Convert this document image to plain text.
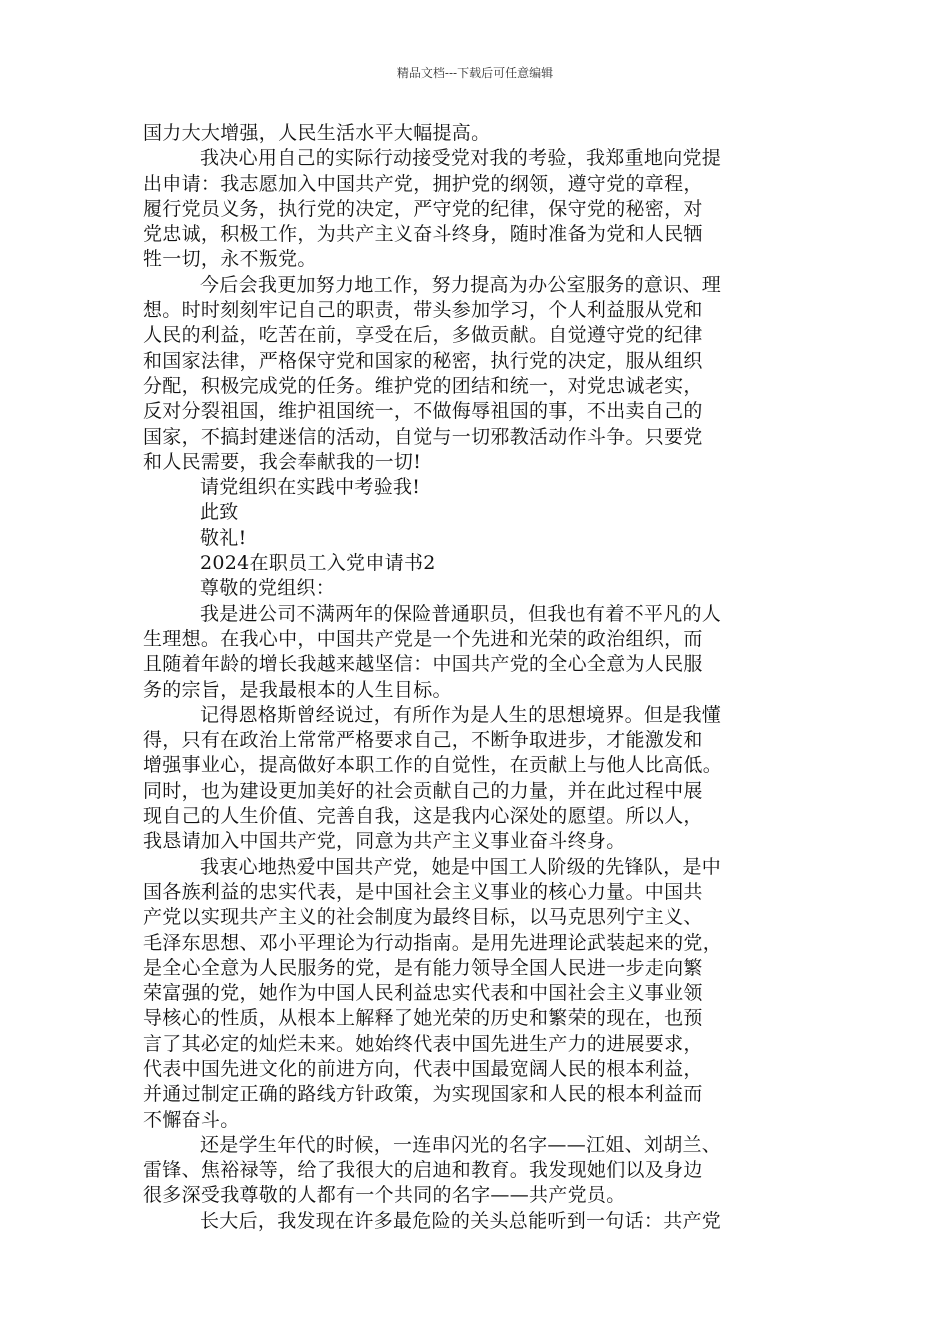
精品文档---下载后可任意编辑
国力大大增强，人民生活水平大幅提高。
我决心用自己的实际行动接受党对我的考验，我郑重地向党提
出申请：我志愿加入中国共产党，拥护党的纲领，遵守党的章程，
履行党员义务，执行党的决定，严守党的纪律，保守党的秘密，对
党忠诚，积极工作，为共产主义奋斗终身，随时准备为党和人民牺
牲一切，永不叛党。
今后会我更加努力地工作，努力提高为办公室服务的意识、理
想。时时刻刻牢记自己的职责，带头参加学习，个人利益服从党和
人民的利益，吃苦在前，享受在后，多做贡献。自觉遵守党的纪律
和国家法律，严格保守党和国家的秘密，执行党的决定，服从组织
分配，积极完成党的任务。维护党的团结和统一，对党忠诚老实，
反对分裂祖国，维护祖国统一，不做侮辱祖国的事，不出卖自己的
国家，不搞封建迷信的活动，自觉与一切邪教活动作斗争。只要党
和人民需要，我会奉献我的一切!
请党组织在实践中考验我!
此致
敬礼!
2024在职员工入党申请书2
尊敬的党组织：
我是进公司不满两年的保险普通职员，但我也有着不平凡的人
生理想。在我心中，中国共产党是一个先进和光荣的政治组织，而
且随着年龄的增长我越来越坚信：中国共产党的全心全意为人民服
务的宗旨，是我最根本的人生目标。
记得恩格斯曾经说过，有所作为是人生的思想境界。但是我懂
得，只有在政治上常常严格要求自己，不断争取进步，才能激发和
增强事业心，提高做好本职工作的自觉性，在贡献上与他人比高低。
同时，也为建设更加美好的社会贡献自己的力量，并在此过程中展
现自己的人生价值、完善自我，这是我内心深处的愿望。所以人，
我恳请加入中国共产党，同意为共产主义事业奋斗终身。
我衷心地热爱中国共产党，她是中国工人阶级的先锋队，是中
国各族利益的忠实代表，是中国社会主义事业的核心力量。中国共
产党以实现共产主义的社会制度为最终目标，以马克思列宁主义、
毛泽东思想、邓小平理论为行动指南。是用先进理论武装起来的党，
是全心全意为人民服务的党，是有能力领导全国人民进一步走向繁
荣富强的党，她作为中国人民利益忠实代表和中国社会主义事业领
导核心的性质，从根本上解释了她光荣的历史和繁荣的现在，也预
言了其必定的灿烂未来。她始终代表中国先进生产力的进展要求，
代表中国先进文化的前进方向，代表中国最宽阔人民的根本利益，
并通过制定正确的路线方针政策，为实现国家和人民的根本利益而
不懈奋斗。
还是学生年代的时候，一连串闪光的名字——江姐、刘胡兰、
雷锋、焦裕禄等，给了我很大的启迪和教育。我发现她们以及身边
很多深受我尊敬的人都有一个共同的名字——共产党员。
长大后，我发现在许多最危险的关头总能听到一句话：共产党
